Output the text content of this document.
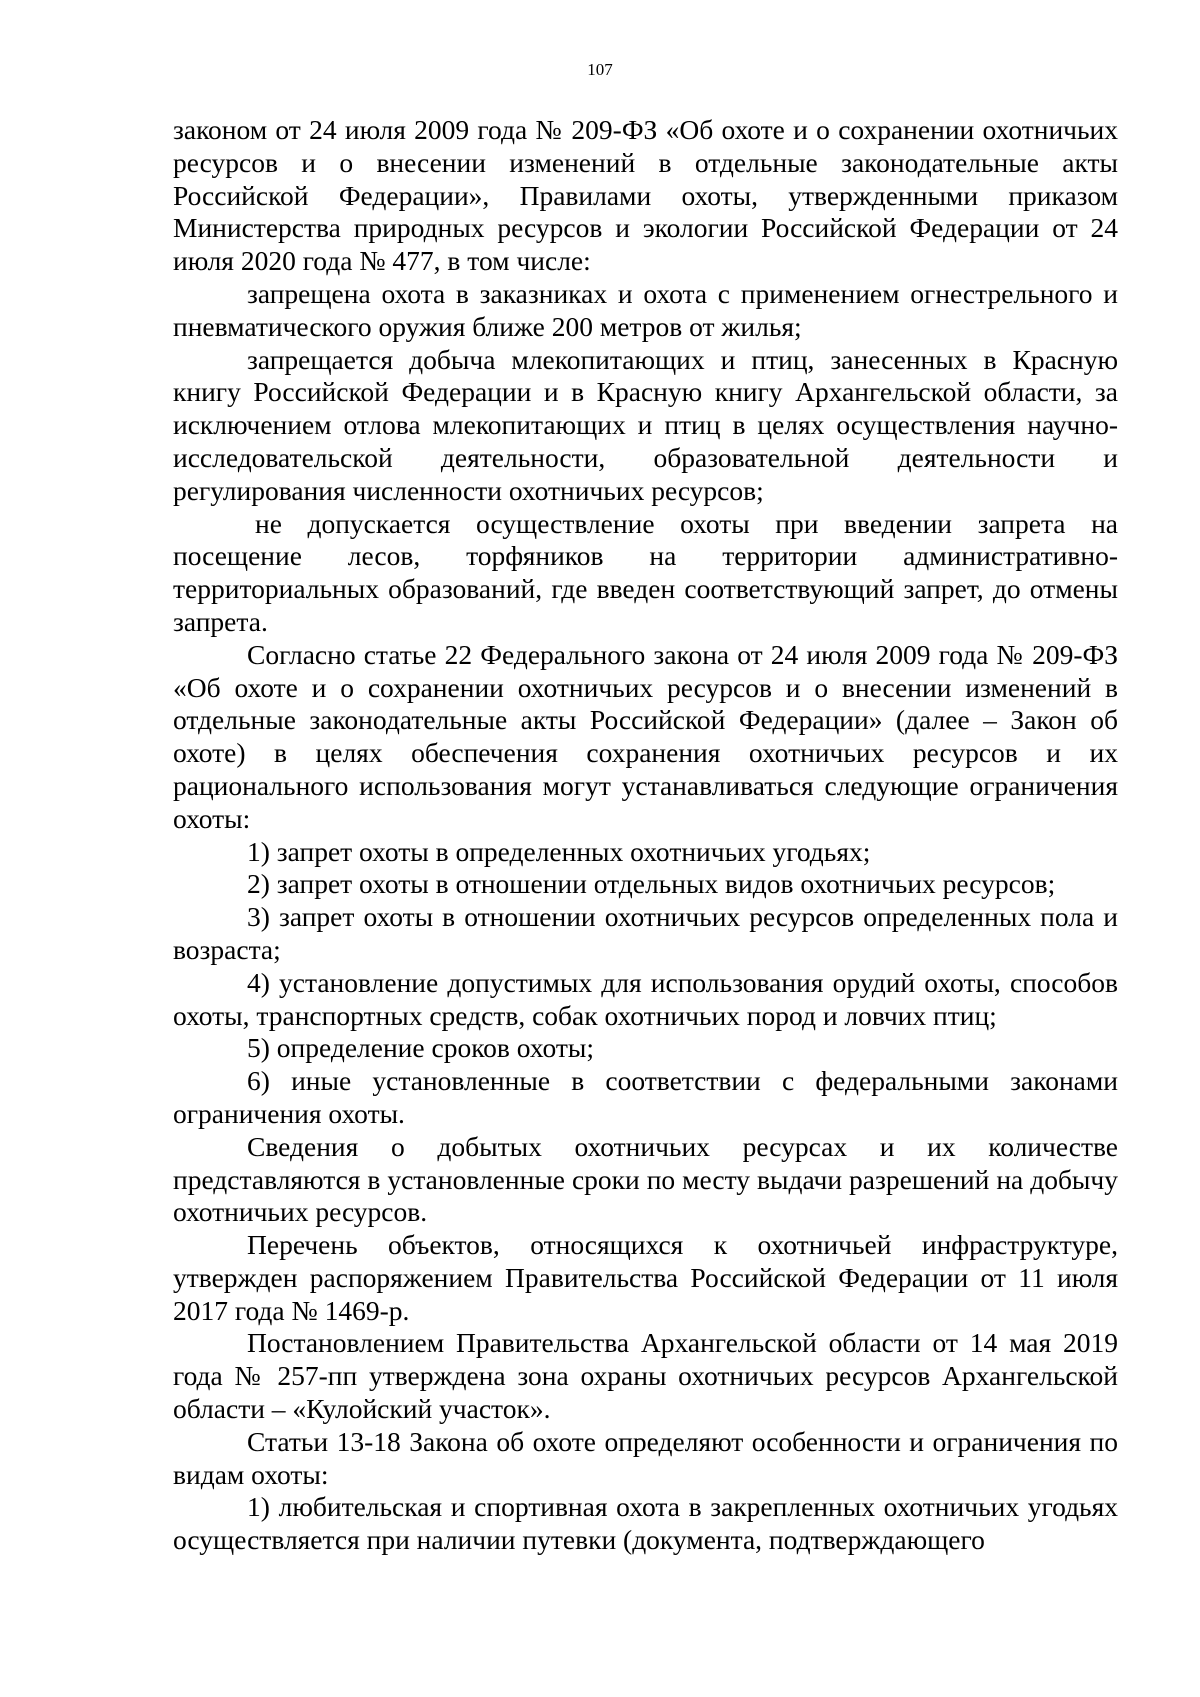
107

законом от 24 июля 2009 года № 209-ФЗ «Об охоте и о сохранении охотничьих ресурсов и о внесении изменений в отдельные законодательные акты Российской Федерации», Правилами охоты, утвержденными приказом Министерства природных ресурсов и экологии Российской Федерации от 24 июля 2020 года № 477, в том числе:

запрещена охота в заказниках и охота с применением огнестрельного и пневматического оружия ближе 200 метров от жилья;

запрещается добыча млекопитающих и птиц, занесенных в Красную книгу Российской Федерации и в Красную книгу Архангельской области, за исключением отлова млекопитающих и птиц в целях осуществления научно-исследовательской деятельности, образовательной деятельности и регулирования численности охотничьих ресурсов;

не допускается осуществление охоты при введении запрета на посещение лесов, торфяников на территории административно-территориальных образований, где введен соответствующий запрет, до отмены запрета.

Согласно статье 22 Федерального закона от 24 июля 2009 года № 209-ФЗ «Об охоте и о сохранении охотничьих ресурсов и о внесении изменений в отдельные законодательные акты Российской Федерации» (далее – Закон об охоте) в целях обеспечения сохранения охотничьих ресурсов и их рационального использования могут устанавливаться следующие ограничения охоты:

1) запрет охоты в определенных охотничьих угодьях;

2) запрет охоты в отношении отдельных видов охотничьих ресурсов;

3) запрет охоты в отношении охотничьих ресурсов определенных пола и возраста;

4) установление допустимых для использования орудий охоты, способов охоты, транспортных средств, собак охотничьих пород и ловчих птиц;

5) определение сроков охоты;

6) иные установленные в соответствии с федеральными законами ограничения охоты.

Сведения о добытых охотничьих ресурсах и их количестве представляются в установленные сроки по месту выдачи разрешений на добычу охотничьих ресурсов.

Перечень объектов, относящихся к охотничьей инфраструктуре, утвержден распоряжением Правительства Российской Федерации от 11 июля 2017 года № 1469-р.

Постановлением Правительства Архангельской области от 14 мая 2019 года № 257-пп утверждена зона охраны охотничьих ресурсов Архангельской области – «Кулойский участок».

Статьи 13-18 Закона об охоте определяют особенности и ограничения по видам охоты:

1) любительская и спортивная охота в закрепленных охотничьих угодьях осуществляется при наличии путевки (документа, подтверждающего
